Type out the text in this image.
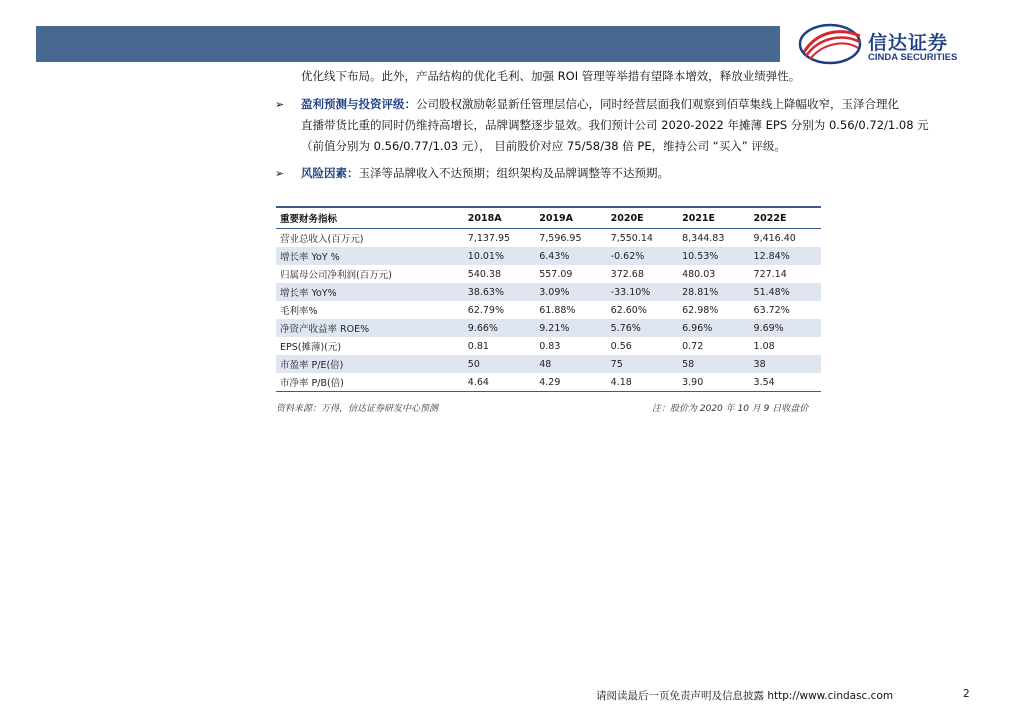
信达证券
CINDA SECURITIES
优化线下布局。此外，产品结构的优化毛利、加强 ROI 管理等举措有望降本增效，释放业绩弹性。
➢ 盈利预测与投资评级：公司股权激励彰显新任管理层信心，同时经营层面我们观察到佰草集线上降幅收窄，玉泽合理化
直播带货比重的同时仍维持高增长，品牌调整逐步显效。我们预计公司 2020-2022 年摊薄 EPS 分别为 0.56/0.72/1.08 元
（前值分别为 0.56/0.77/1.03 元）， 目前股价对应 75/58/38 倍 PE，维持公司 “买入” 评级。
➢ 风险因素：玉泽等品牌收入不达预期；组织架构及品牌调整等不达预期。
重要财务指标	2018A	2019A	2020E	2021E	2022E
营业总收入(百万元)	7,137.95	7,596.95	7,550.14	8,344.83	9,416.40
增长率 YoY %	10.01%	6.43%	-0.62%	10.53%	12.84%
归属母公司净利润(百万元)	540.38	557.09	372.68	480.03	727.14
增长率 YoY%	38.63%	3.09%	-33.10%	28.81%	51.48%
毛利率%	62.79%	61.88%	62.60%	62.98%	63.72%
净资产收益率 ROE%	9.66%	9.21%	5.76%	6.96%	9.69%
EPS(摊薄)(元)	0.81	0.83	0.56	0.72	1.08
市盈率 P/E(倍)	50	48	75	58	38
市净率 P/B(倍)	4.64	4.29	4.18	3.90	3.54
资料来源：万得，信达证券研发中心预测	注：股价为 2020 年 10 月 9 日收盘价
请阅读最后一页免责声明及信息披露 http://www.cindasc.com	2
